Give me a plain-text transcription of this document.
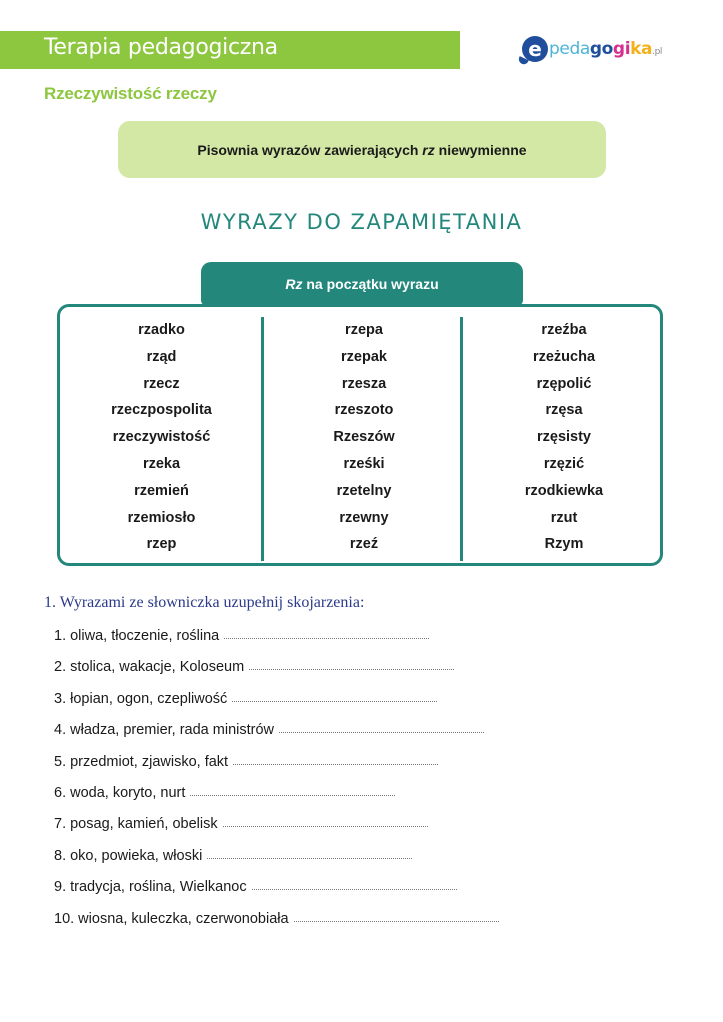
Terapia pedagogiczna	e pedagogika.pl
Rzeczywistość rzeczy
Pisownia wyrazów zawierających rz niewymienne
WYRAZY DO ZAPAMIĘTANIA
Rz na początku wyrazu
rzadko
rząd
rzecz
rzeczpospolita
rzeczywistość
rzeka
rzemień
rzemiosło
rzep
rzepa
rzepak
rzesza
rzeszoto
Rzeszów
rześki
rzetelny
rzewny
rzeź
rzeźba
rzeżucha
rzępolić
rzęsa
rzęsisty
rzęzić
rzodkiewka
rzut
Rzym
1. Wyrazami ze słowniczka uzupełnij skojarzenia:
1. oliwa, tłoczenie, roślina
2. stolica, wakacje, Koloseum
3. łopian, ogon, czepliwość
4. władza, premier, rada ministrów
5. przedmiot, zjawisko, fakt
6. woda, koryto, nurt
7. posag, kamień, obelisk
8. oko, powieka, włoski
9. tradycja, roślina, Wielkanoc
10. wiosna, kuleczka, czerwonobiała
